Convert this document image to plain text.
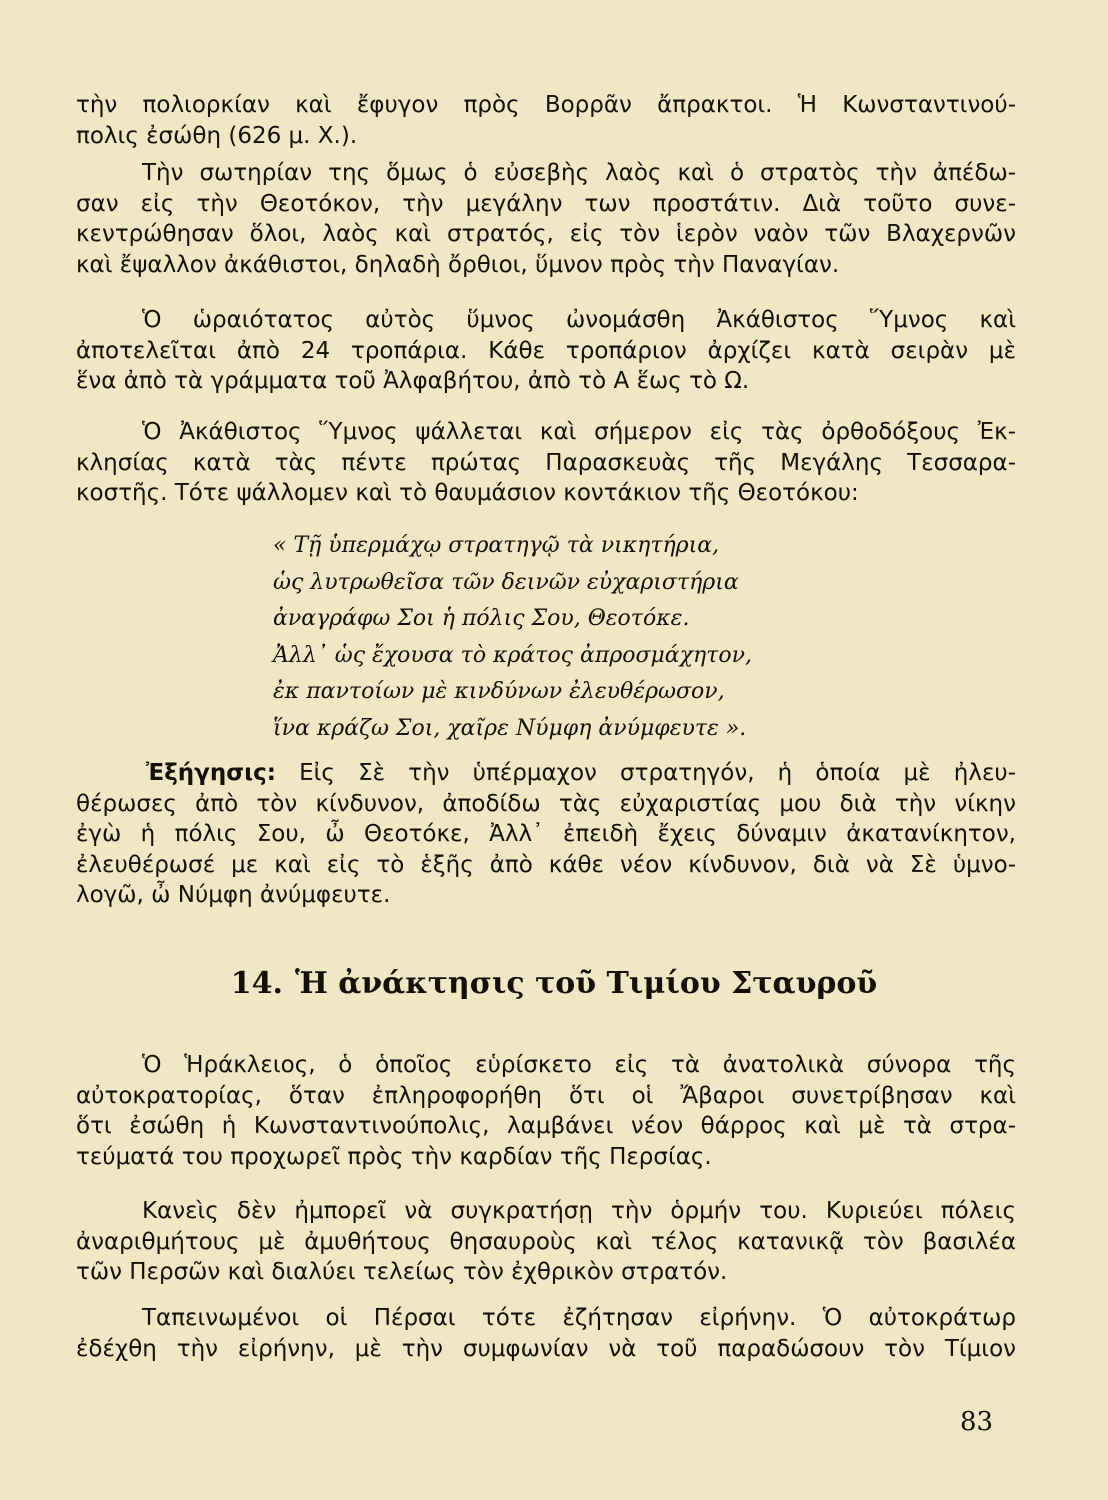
τὴν πολιορκίαν καὶ ἔφυγον πρὸς Βορρᾶν ἄπρακτοι. Ἡ Κωνσταντινού-
πολις ἐσώθη (626 μ. Χ.).
Τὴν σωτηρίαν της ὅμως ὁ εὐσεβὴς λαὸς καὶ ὁ στρατὸς τὴν ἀπέδω-
σαν εἰς τὴν Θεοτόκον, τὴν μεγάλην των προστάτιν. Διὰ τοῦτο συνε-
κεντρώθησαν ὅλοι, λαὸς καὶ στρατός, εἰς τὸν ἱερὸν ναὸν τῶν Βλαχερνῶν
καὶ ἔψαλλον ἀκάθιστοι, δηλαδὴ ὄρθιοι, ὕμνον πρὸς τὴν Παναγίαν.
Ὁ ὡραιότατος αὐτὸς ὕμνος ὠνομάσθη Ἀκάθιστος Ὕμνος καὶ
ἀποτελεῖται ἀπὸ 24 τροπάρια. Κάθε τροπάριον ἀρχίζει κατὰ σειρὰν μὲ
ἕνα ἀπὸ τὰ γράμματα τοῦ Ἀλφαβήτου, ἀπὸ τὸ Α ἕως τὸ Ω.
Ὁ Ἀκάθιστος Ὕμνος ψάλλεται καὶ σήμερον εἰς τὰς ὀρθοδόξους Ἐκ-
κλησίας κατὰ τὰς πέντε πρώτας Παρασκευὰς τῆς Μεγάλης Τεσσαρα-
κοστῆς. Τότε ψάλλομεν καὶ τὸ θαυμάσιον κοντάκιον τῆς Θεοτόκου:
« Τῇ ὑπερμάχῳ στρατηγῷ τὰ νικητήρια,
ὡς λυτρωθεῖσα τῶν δεινῶν εὐχαριστήρια
ἀναγράφω Σοι ἡ πόλις Σου, Θεοτόκε.
Ἀλλ᾽ ὡς ἔχουσα τὸ κράτος ἀπροσμάχητον,
ἐκ παντοίων μὲ κινδύνων ἐλευθέρωσον,
ἵνα κράζω Σοι, χαῖρε Νύμφη ἀνύμφευτε ».
Ἐξήγησις: Εἰς Σὲ τὴν ὑπέρμαχον στρατηγόν, ἡ ὁποία μὲ ἠλευ-
θέρωσες ἀπὸ τὸν κίνδυνον, ἀποδίδω τὰς εὐχαριστίας μου διὰ τὴν νίκην
ἐγὼ ἡ πόλις Σου, ὦ Θεοτόκε, Ἀλλ᾽ ἐπειδὴ ἔχεις δύναμιν ἀκατανίκητον,
ἐλευθέρωσέ με καὶ εἰς τὸ ἑξῆς ἀπὸ κάθε νέον κίνδυνον, διὰ νὰ Σὲ ὑμνο-
λογῶ, ὦ Νύμφη ἀνύμφευτε.
14. Ἡ ἀνάκτησις τοῦ Τιμίου Σταυροῦ
Ὁ Ἡράκλειος, ὁ ὁποῖος εὑρίσκετο εἰς τὰ ἀνατολικὰ σύνορα τῆς
αὐτοκρατορίας, ὅταν ἐπληροφορήθη ὅτι οἱ Ἄβαροι συνετρίβησαν καὶ
ὅτι ἐσώθη ἡ Κωνσταντινούπολις, λαμβάνει νέον θάρρος καὶ μὲ τὰ στρα-
τεύματά του προχωρεῖ πρὸς τὴν καρδίαν τῆς Περσίας.
Κανεὶς δὲν ἠμπορεῖ νὰ συγκρατήσῃ τὴν ὁρμήν του. Κυριεύει πόλεις
ἀναριθμήτους μὲ ἀμυθήτους θησαυροὺς καὶ τέλος κατανικᾷ τὸν βασιλέα
τῶν Περσῶν καὶ διαλύει τελείως τὸν ἐχθρικὸν στρατόν.
Ταπεινωμένοι οἱ Πέρσαι τότε ἐζήτησαν εἰρήνην. Ὁ αὐτοκράτωρ
ἐδέχθη τὴν εἰρήνην, μὲ τὴν συμφωνίαν νὰ τοῦ παραδώσουν τὸν Τίμιον
83
